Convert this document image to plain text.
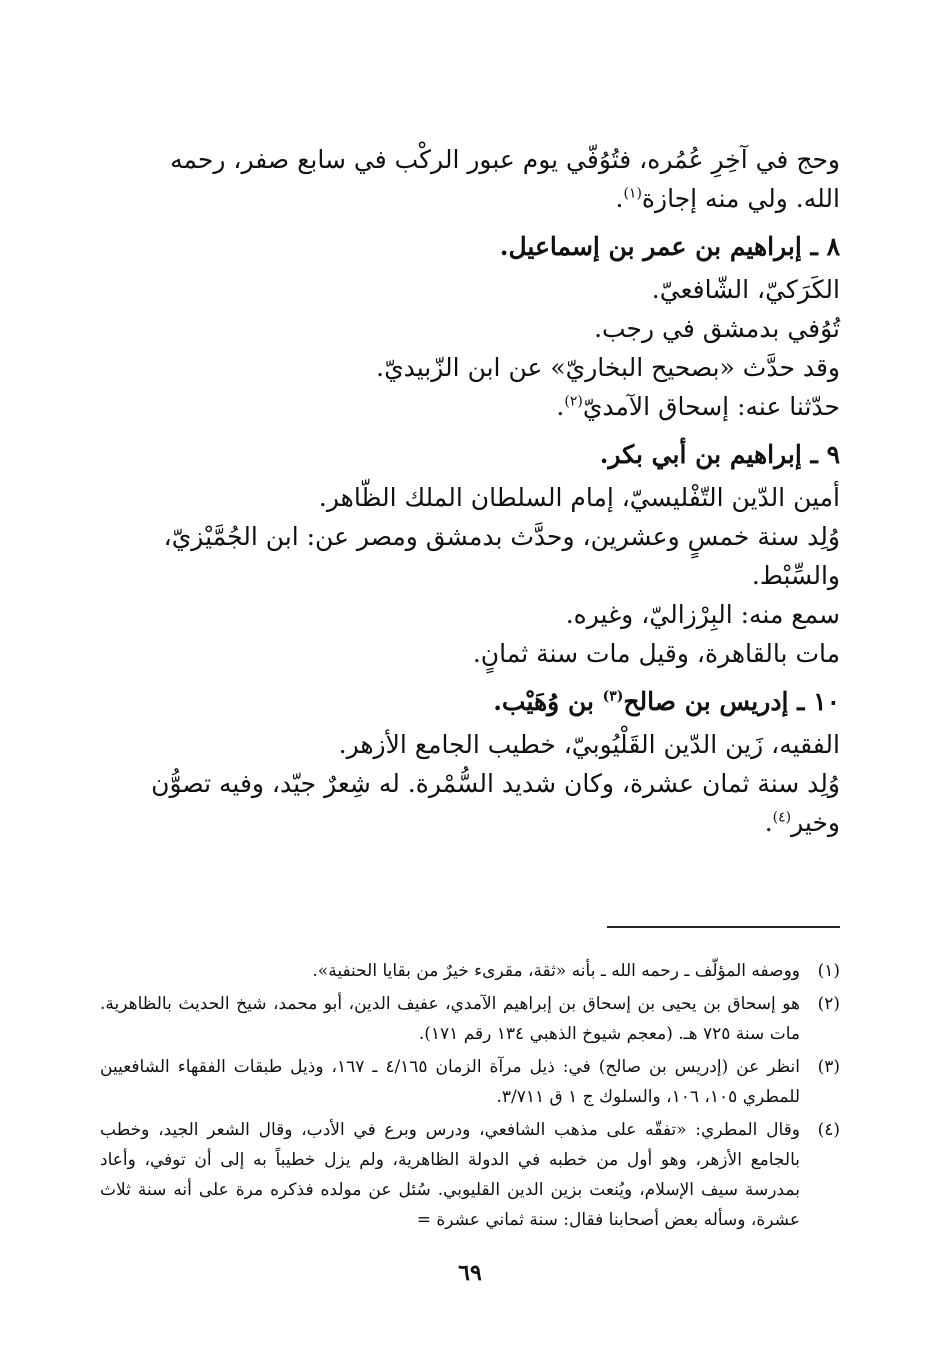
وحج في آخِرِ عُمُره، فتُوُفّي يوم عبور الركْب في سابع صفر، رحمه

الله. ولي منه إجازة$^{(١)}$.

٨ ـ إبراهيم بن عمر بن إسماعيل.

الكَرَكيّ، الشّافعيّ.

تُوُفي بدمشق في رجب.

وقد حدَّث «بصحيح البخاريّ» عن ابن الزّبيديّ.

حدّثنا عنه: إسحاق الآمديّ$^{(٢)}$.

٩ ـ إبراهيم بن أبي بكر.

أمين الدّين التّفْليسيّ، إمام السلطان الملك الظّاهر.

وُلِد سنة خمسٍ وعشرين، وحدَّث بدمشق ومصر عن: ابن الجُمَّيْزيّ،

والسِّبْط.

سمع منه: البِرْزاليّ، وغيره.

مات بالقاهرة، وقيل مات سنة ثمانٍ.

١٠ ـ إدريس بن صالح$^{(٣)}$ بن وُهَيْب.

الفقيه، زَين الدّين القَلْيُوبيّ، خطيب الجامع الأزهر.

وُلِد سنة ثمان عشرة، وكان شديد السُّمْرة. له شِعرٌ جيّد، وفيه تصوُّن

وخير$^{(٤)}$.

(١)
ووصفه المؤلّف ـ رحمه الله ـ بأنه «ثقة، مقرىء خيرٌ من بقايا الحنفية».
(٢)
هو إسحاق بن يحيى بن إسحاق بن إبراهيم الآمدي، عفيف الدين، أبو محمد، شيخ الحديث بالظاهرية. مات سنة ٧٢٥ هـ. (معجم شيوخ الذهبي ١٣٤ رقم ١٧١).
(٣)
انظر عن (إدريس بن صالح) في: ذيل مرآة الزمان ٤/١٦٥ ـ ١٦٧، وذيل طبقات الفقهاء الشافعيين للمطري ١٠٥، ١٠٦، والسلوك ج ١ ق ٣/٧١١.
(٤)
وقال المطري: «تفقّه على مذهب الشافعي، ودرس وبرع في الأدب، وقال الشعر الجيد، وخطب بالجامع الأزهر، وهو أول من خطبه في الدولة الظاهرية، ولم يزل خطيباً به إلى أن توفي، وأعاد بمدرسة سيف الإسلام، ويُنعت بزين الدين القليوبي. سُئل عن مولده فذكره مرة على أنه سنة ثلاث عشرة، وسأله بعض أصحابنا فقال: سنة ثماني عشرة =
٦٩
